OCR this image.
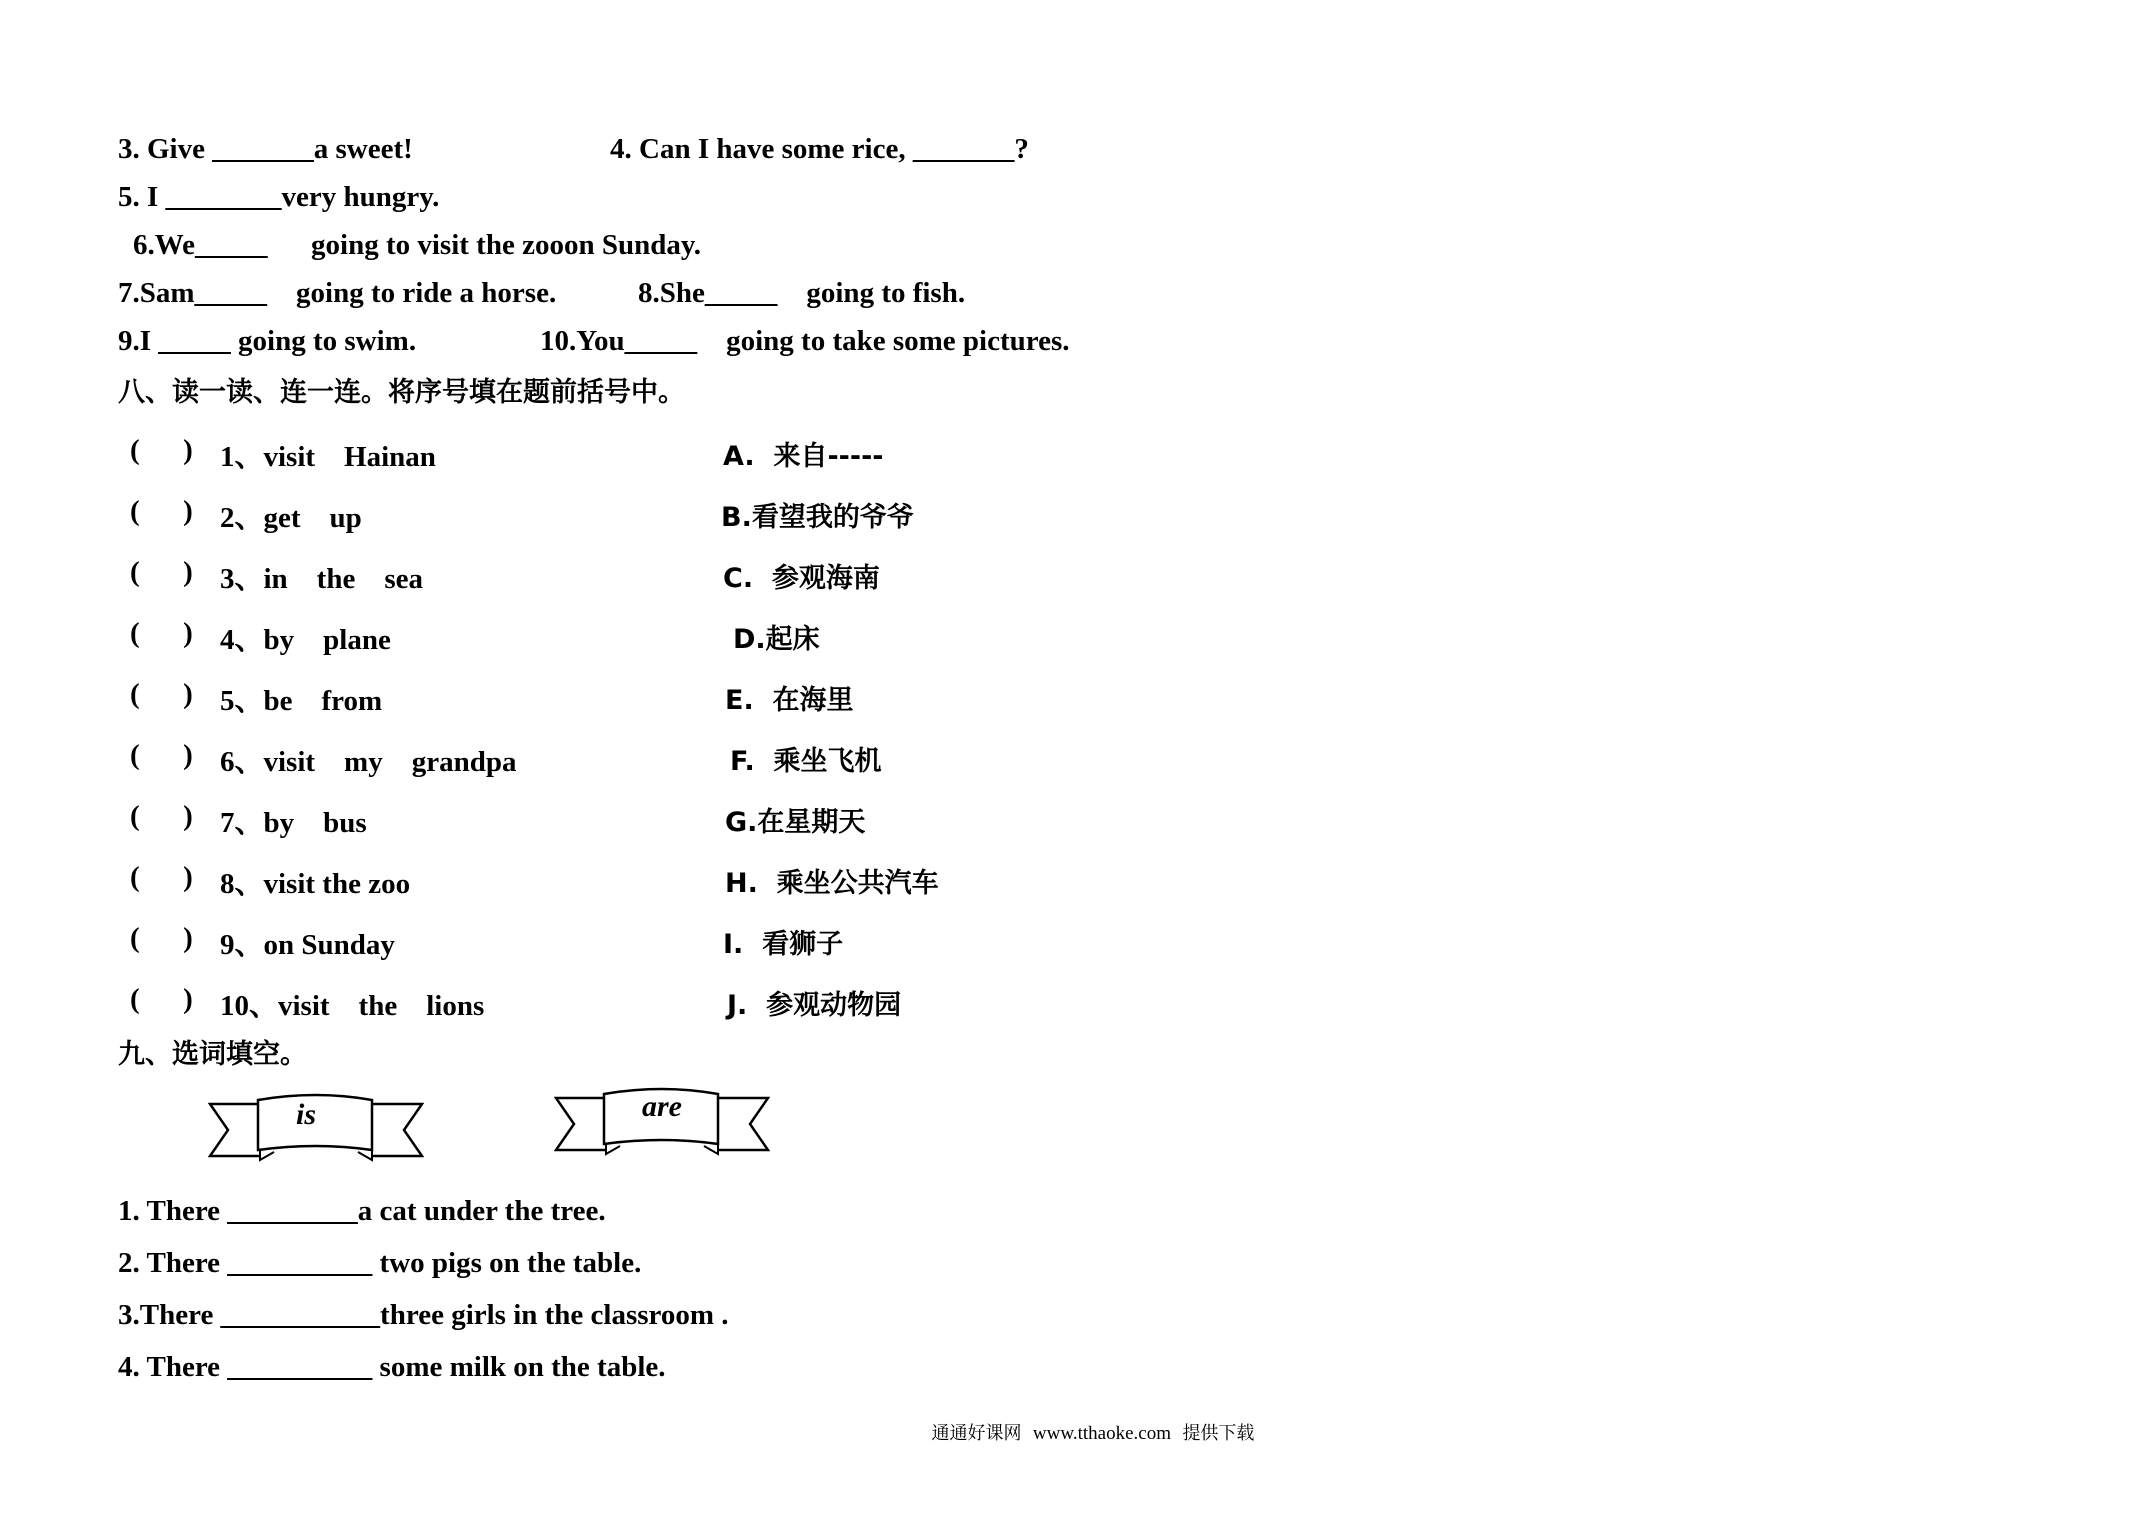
3. Give _______a sweet!	4. Can I have some rice, _______?
5. I ________very hungry.
6.We_____      going to visit the zooon Sunday.
7.Sam_____    going to ride a horse.	8.She_____    going to fish.
9.I _____ going to swim.	10.You_____    going to take some pictures.
八、读一读、连一连。将序号填在题前括号中。
(      ) 1、visit    Hainan	A.  来自-----
(      ) 2、get    up	B.看望我的爷爷
(      ) 3、in    the    sea	C.  参观海南
(      ) 4、by    plane	D.起床
(      ) 5、be    from	E.  在海里
(      ) 6、visit    my    grandpa	F.  乘坐飞机
(      ) 7、by    bus	G.在星期天
(      ) 8、visit the zoo	H.  乘坐公共汽车
(      ) 9、on Sunday	I.  看狮子
(      ) 10、visit    the    lions	J.  参观动物园
九、选词填空。
is	are
1. There _________a cat under the tree.
2. There __________ two pigs on the table.
3.There ___________three girls in the classroom .
4. There __________ some milk on the table.

通通好课网 www.tthaoke.com 提供下载
